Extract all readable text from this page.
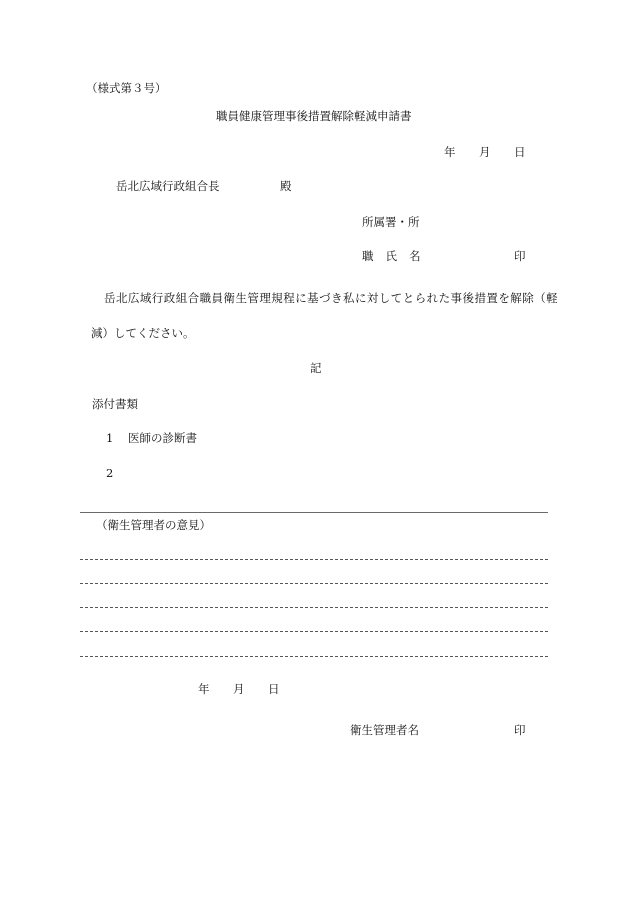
（様式第３号）
職員健康管理事後措置解除軽減申請書
年 月 日
岳北広域行政組合長	殿
所属署・所
職 氏 名	印
岳北広域行政組合職員衛生管理規程に基づき私に対してとられた事後措置を解除（軽
減）してください。
記
添付書類
1 医師の診断書
2
（衛生管理者の意見）
年 月 日
衛生管理者名	印
